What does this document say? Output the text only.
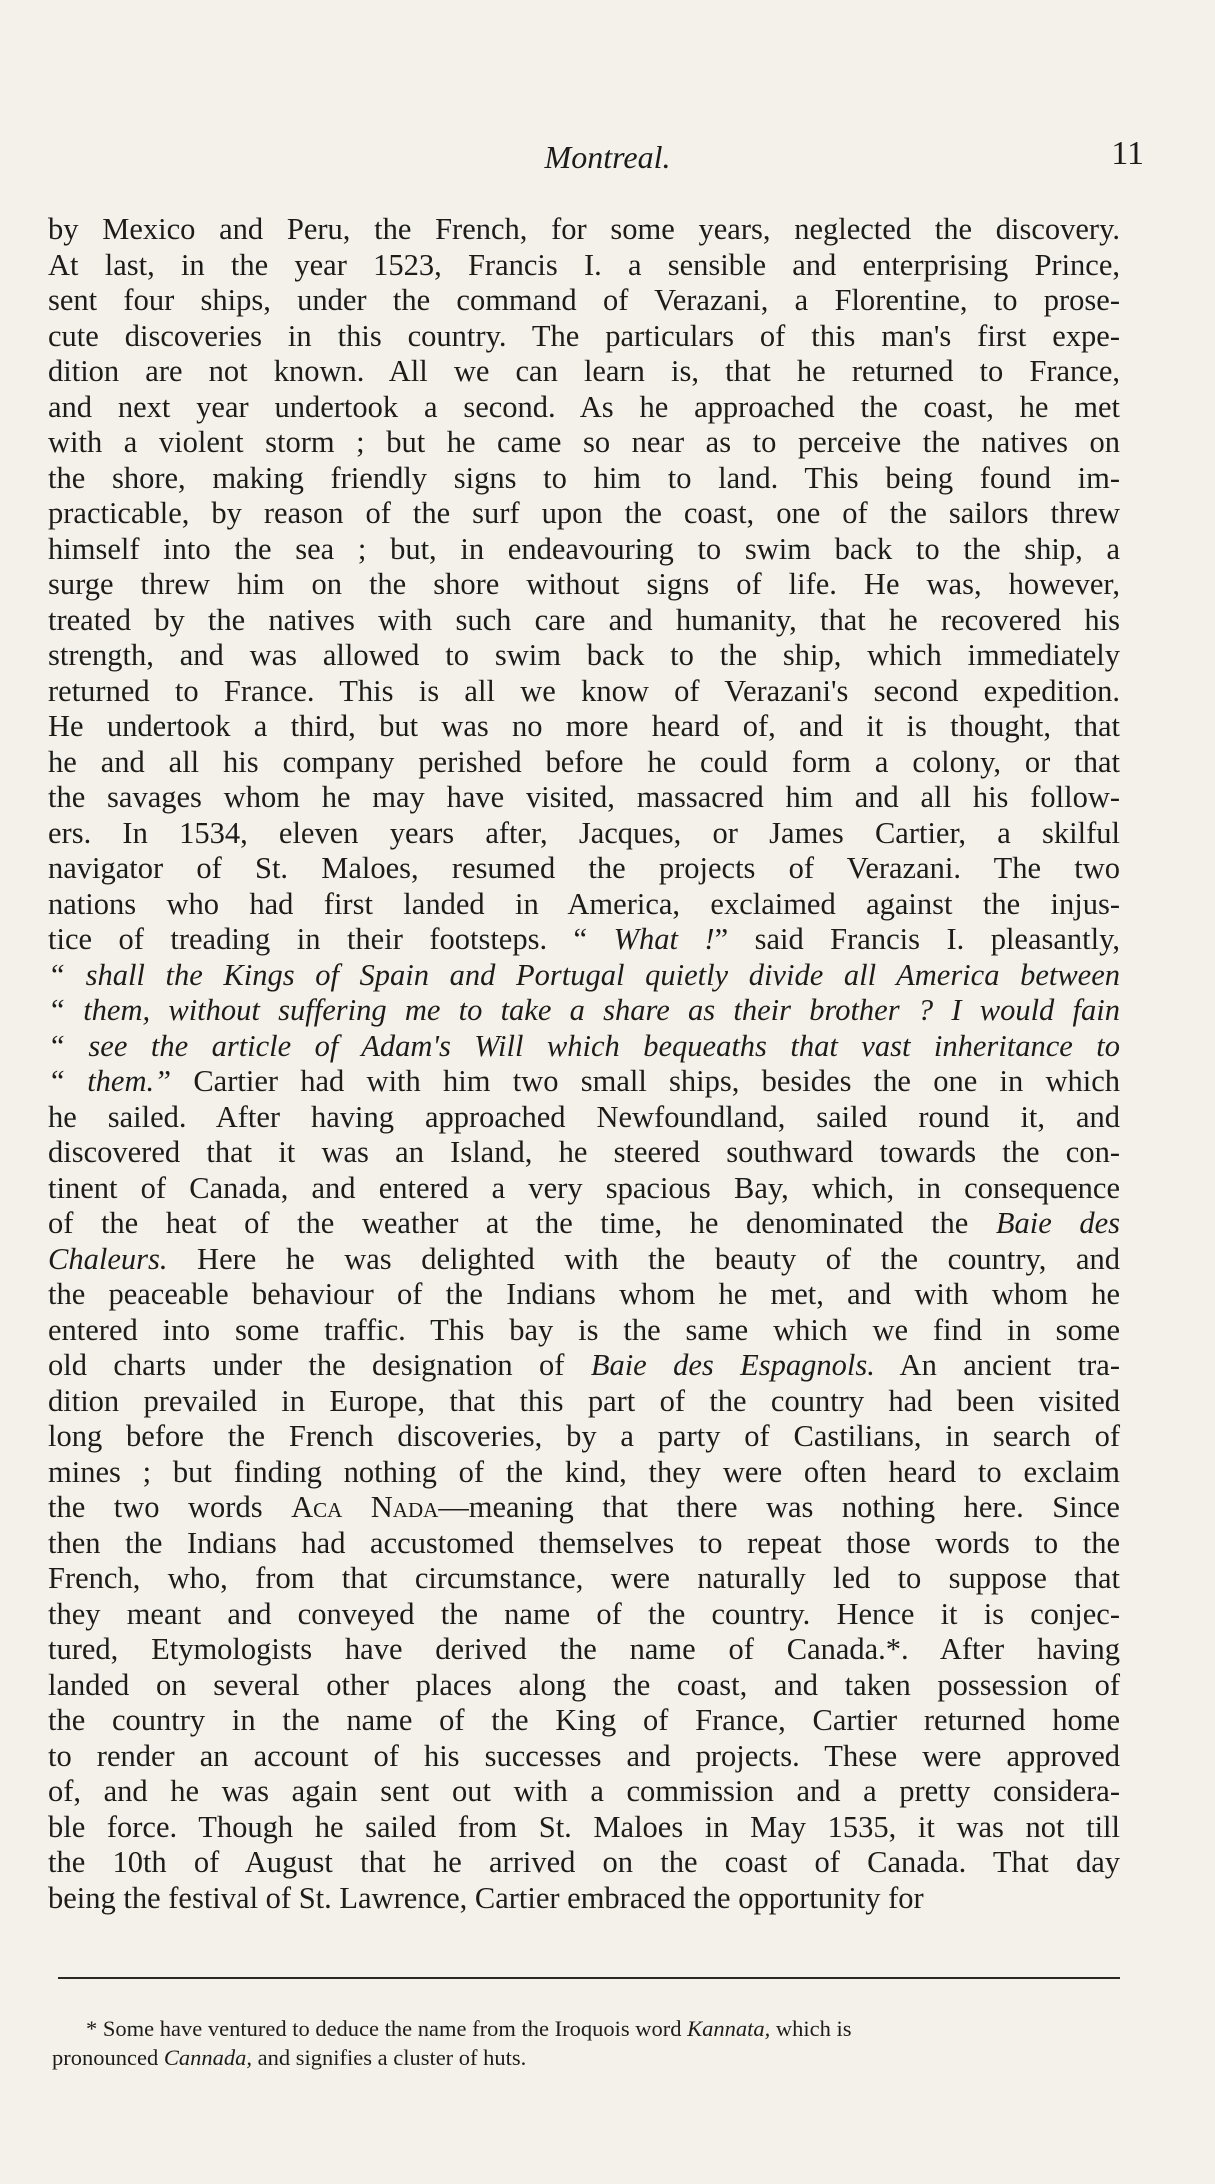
Montreal.	11
by Mexico and Peru, the French, for some years, neglected the discovery.
At last, in the year 1523, Francis I. a sensible and enterprising Prince,
sent four ships, under the command of Verazani, a Florentine, to prose-
cute discoveries in this country. The particulars of this man's first expe-
dition are not known. All we can learn is, that he returned to France,
and next year undertook a second. As he approached the coast, he met
with a violent storm ; but he came so near as to perceive the natives on
the shore, making friendly signs to him to land. This being found im-
practicable, by reason of the surf upon the coast, one of the sailors threw
himself into the sea ; but, in endeavouring to swim back to the ship, a
surge threw him on the shore without signs of life. He was, however,
treated by the natives with such care and humanity, that he recovered his
strength, and was allowed to swim back to the ship, which immediately
returned to France. This is all we know of Verazani's second expedition.
He undertook a third, but was no more heard of, and it is thought, that
he and all his company perished before he could form a colony, or that
the savages whom he may have visited, massacred him and all his follow-
ers. In 1534, eleven years after, Jacques, or James Cartier, a skilful
navigator of St. Maloes, resumed the projects of Verazani. The two
nations who had first landed in America, exclaimed against the injus-
tice of treading in their footsteps. “ What !” said Francis I. pleasantly,
“ shall the Kings of Spain and Portugal quietly divide all America between
“ them, without suffering me to take a share as their brother ? I would fain
“ see the article of Adam's Will which bequeaths that vast inheritance to
“ them.” Cartier had with him two small ships, besides the one in which
he sailed. After having approached Newfoundland, sailed round it, and
discovered that it was an Island, he steered southward towards the con-
tinent of Canada, and entered a very spacious Bay, which, in consequence
of the heat of the weather at the time, he denominated the Baie des
Chaleurs. Here he was delighted with the beauty of the country, and
the peaceable behaviour of the Indians whom he met, and with whom he
entered into some traffic. This bay is the same which we find in some
old charts under the designation of Baie des Espagnols. An ancient tra-
dition prevailed in Europe, that this part of the country had been visited
long before the French discoveries, by a party of Castilians, in search of
mines ; but finding nothing of the kind, they were often heard to exclaim
the two words Aca Nada—meaning that there was nothing here. Since
then the Indians had accustomed themselves to repeat those words to the
French, who, from that circumstance, were naturally led to suppose that
they meant and conveyed the name of the country. Hence it is conjec-
tured, Etymologists have derived the name of Canada.*. After having
landed on several other places along the coast, and taken possession of
the country in the name of the King of France, Cartier returned home
to render an account of his successes and projects. These were approved
of, and he was again sent out with a commission and a pretty considera-
ble force. Though he sailed from St. Maloes in May 1535, it was not till
the 10th of August that he arrived on the coast of Canada. That day
being the festival of St. Lawrence, Cartier embraced the opportunity for
* Some have ventured to deduce the name from the Iroquois word Kannata, which is
pronounced Cannada, and signifies a cluster of huts.
